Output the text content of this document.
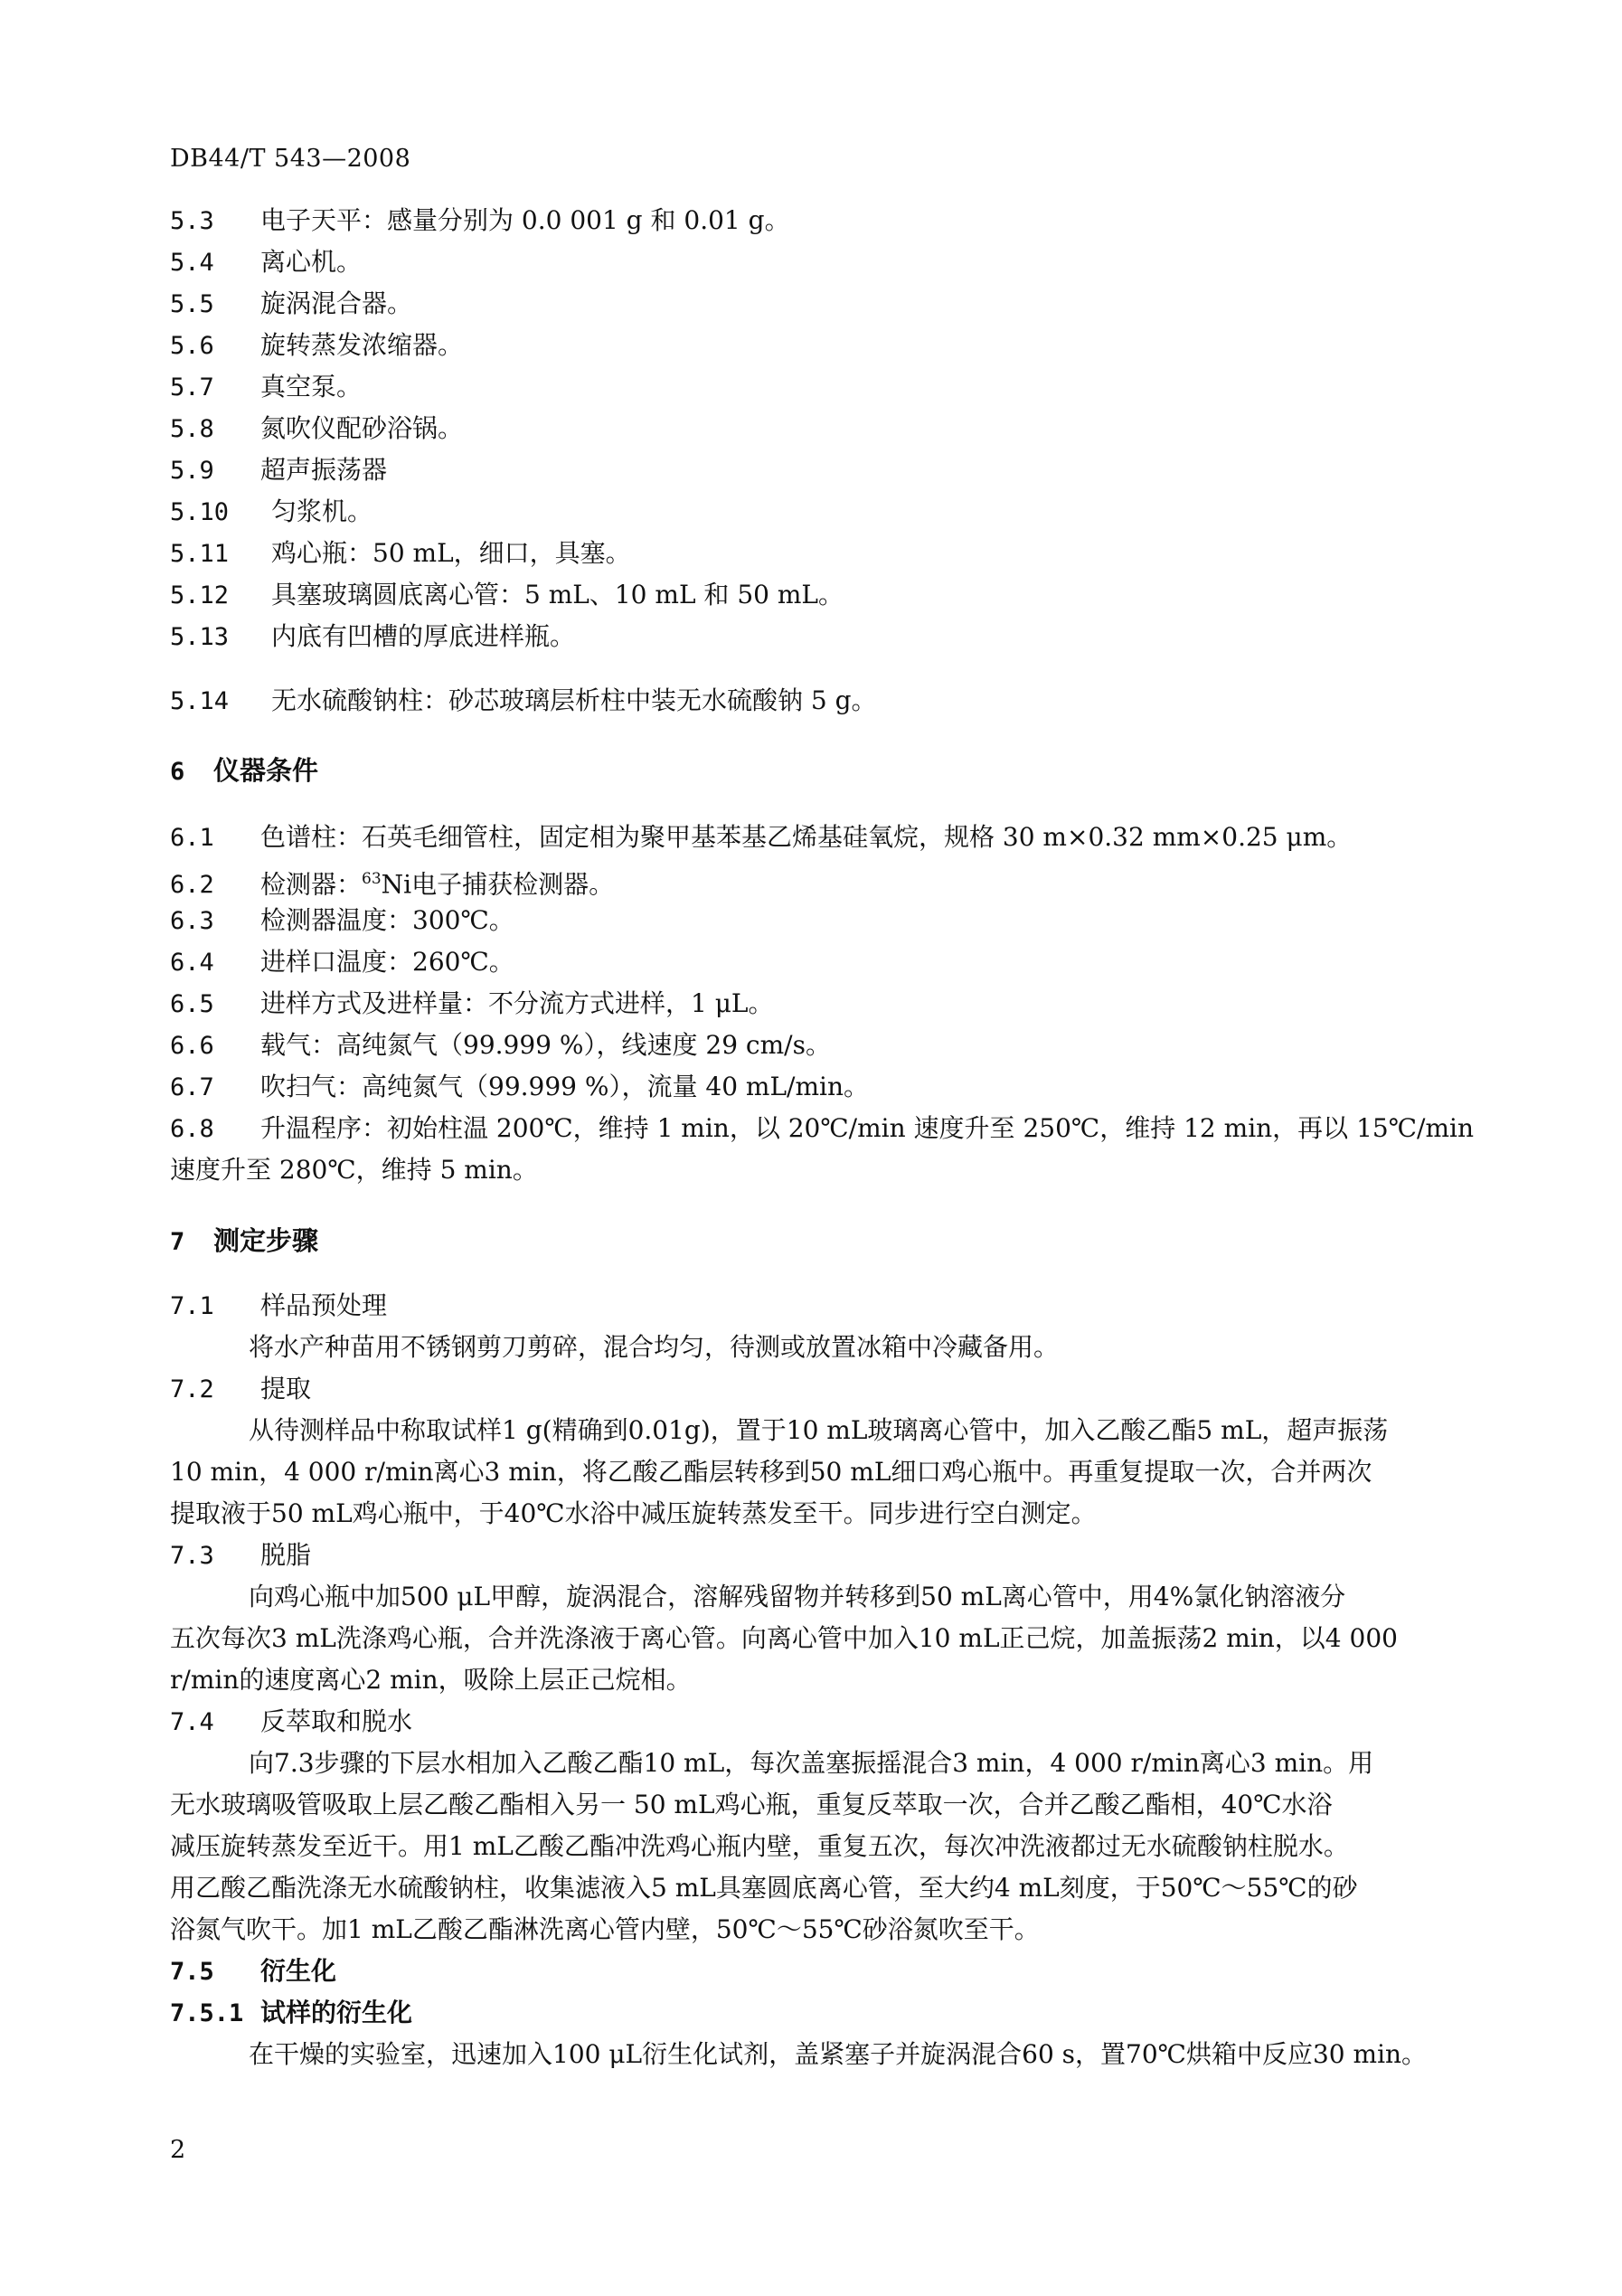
DB44/T 543—2008
5.3 电子天平：感量分别为 0.0 001 g 和 0.01 g。
5.4 离心机。
5.5 旋涡混合器。
5.6 旋转蒸发浓缩器。
5.7 真空泵。
5.8 氮吹仪配砂浴锅。
5.9 超声振荡器
5.10 匀浆机。
5.11 鸡心瓶：50 mL，细口，具塞。
5.12 具塞玻璃圆底离心管：5 mL、10 mL 和 50 mL。
5.13 内底有凹槽的厚底进样瓶。
5.14 无水硫酸钠柱：砂芯玻璃层析柱中装无水硫酸钠 5 g。
6 仪器条件
6.1 色谱柱：石英毛细管柱，固定相为聚甲基苯基乙烯基硅氧烷，规格 30 m×0.32 mm×0.25 μm。
6.2 检测器：$^{63}$Ni电子捕获检测器。
6.3 检测器温度：300℃。
6.4 进样口温度：260℃。
6.5 进样方式及进样量：不分流方式进样，1 μL。
6.6 载气：高纯氮气（99.999 %），线速度 29 cm/s。
6.7 吹扫气：高纯氮气（99.999 %），流量 40 mL/min。
6.8 升温程序：初始柱温 200℃，维持 1 min，以 20℃/min 速度升至 250℃，维持 12 min，再以 15℃/min
速度升至 280℃，维持 5 min。
7 测定步骤
7.1 样品预处理
将水产种苗用不锈钢剪刀剪碎，混合均匀，待测或放置冰箱中冷藏备用。
7.2 提取
从待测样品中称取试样1 g(精确到0.01g)，置于10 mL玻璃离心管中，加入乙酸乙酯5 mL，超声振荡
10 min，4 000 r/min离心3 min，将乙酸乙酯层转移到50 mL细口鸡心瓶中。再重复提取一次，合并两次
提取液于50 mL鸡心瓶中，于40℃水浴中减压旋转蒸发至干。同步进行空白测定。
7.3 脱脂
向鸡心瓶中加500 μL甲醇，旋涡混合，溶解残留物并转移到50 mL离心管中，用4%氯化钠溶液分
五次每次3 mL洗涤鸡心瓶，合并洗涤液于离心管。向离心管中加入10 mL正己烷，加盖振荡2 min，以4 000
r/min的速度离心2 min，吸除上层正己烷相。
7.4 反萃取和脱水
向7.3步骤的下层水相加入乙酸乙酯10 mL，每次盖塞振摇混合3 min，4 000 r/min离心3 min。用
无水玻璃吸管吸取上层乙酸乙酯相入另一 50 mL鸡心瓶，重复反萃取一次，合并乙酸乙酯相，40℃水浴
减压旋转蒸发至近干。用1 mL乙酸乙酯冲洗鸡心瓶内壁，重复五次，每次冲洗液都过无水硫酸钠柱脱水。
用乙酸乙酯洗涤无水硫酸钠柱，收集滤液入5 mL具塞圆底离心管，至大约4 mL刻度，于50℃～55℃的砂
浴氮气吹干。加1 mL乙酸乙酯淋洗离心管内壁，50℃～55℃砂浴氮吹至干。
7.5 衍生化
7.5.1 试样的衍生化
在干燥的实验室，迅速加入100 μL衍生化试剂，盖紧塞子并旋涡混合60 s，置70℃烘箱中反应30 min。
2
